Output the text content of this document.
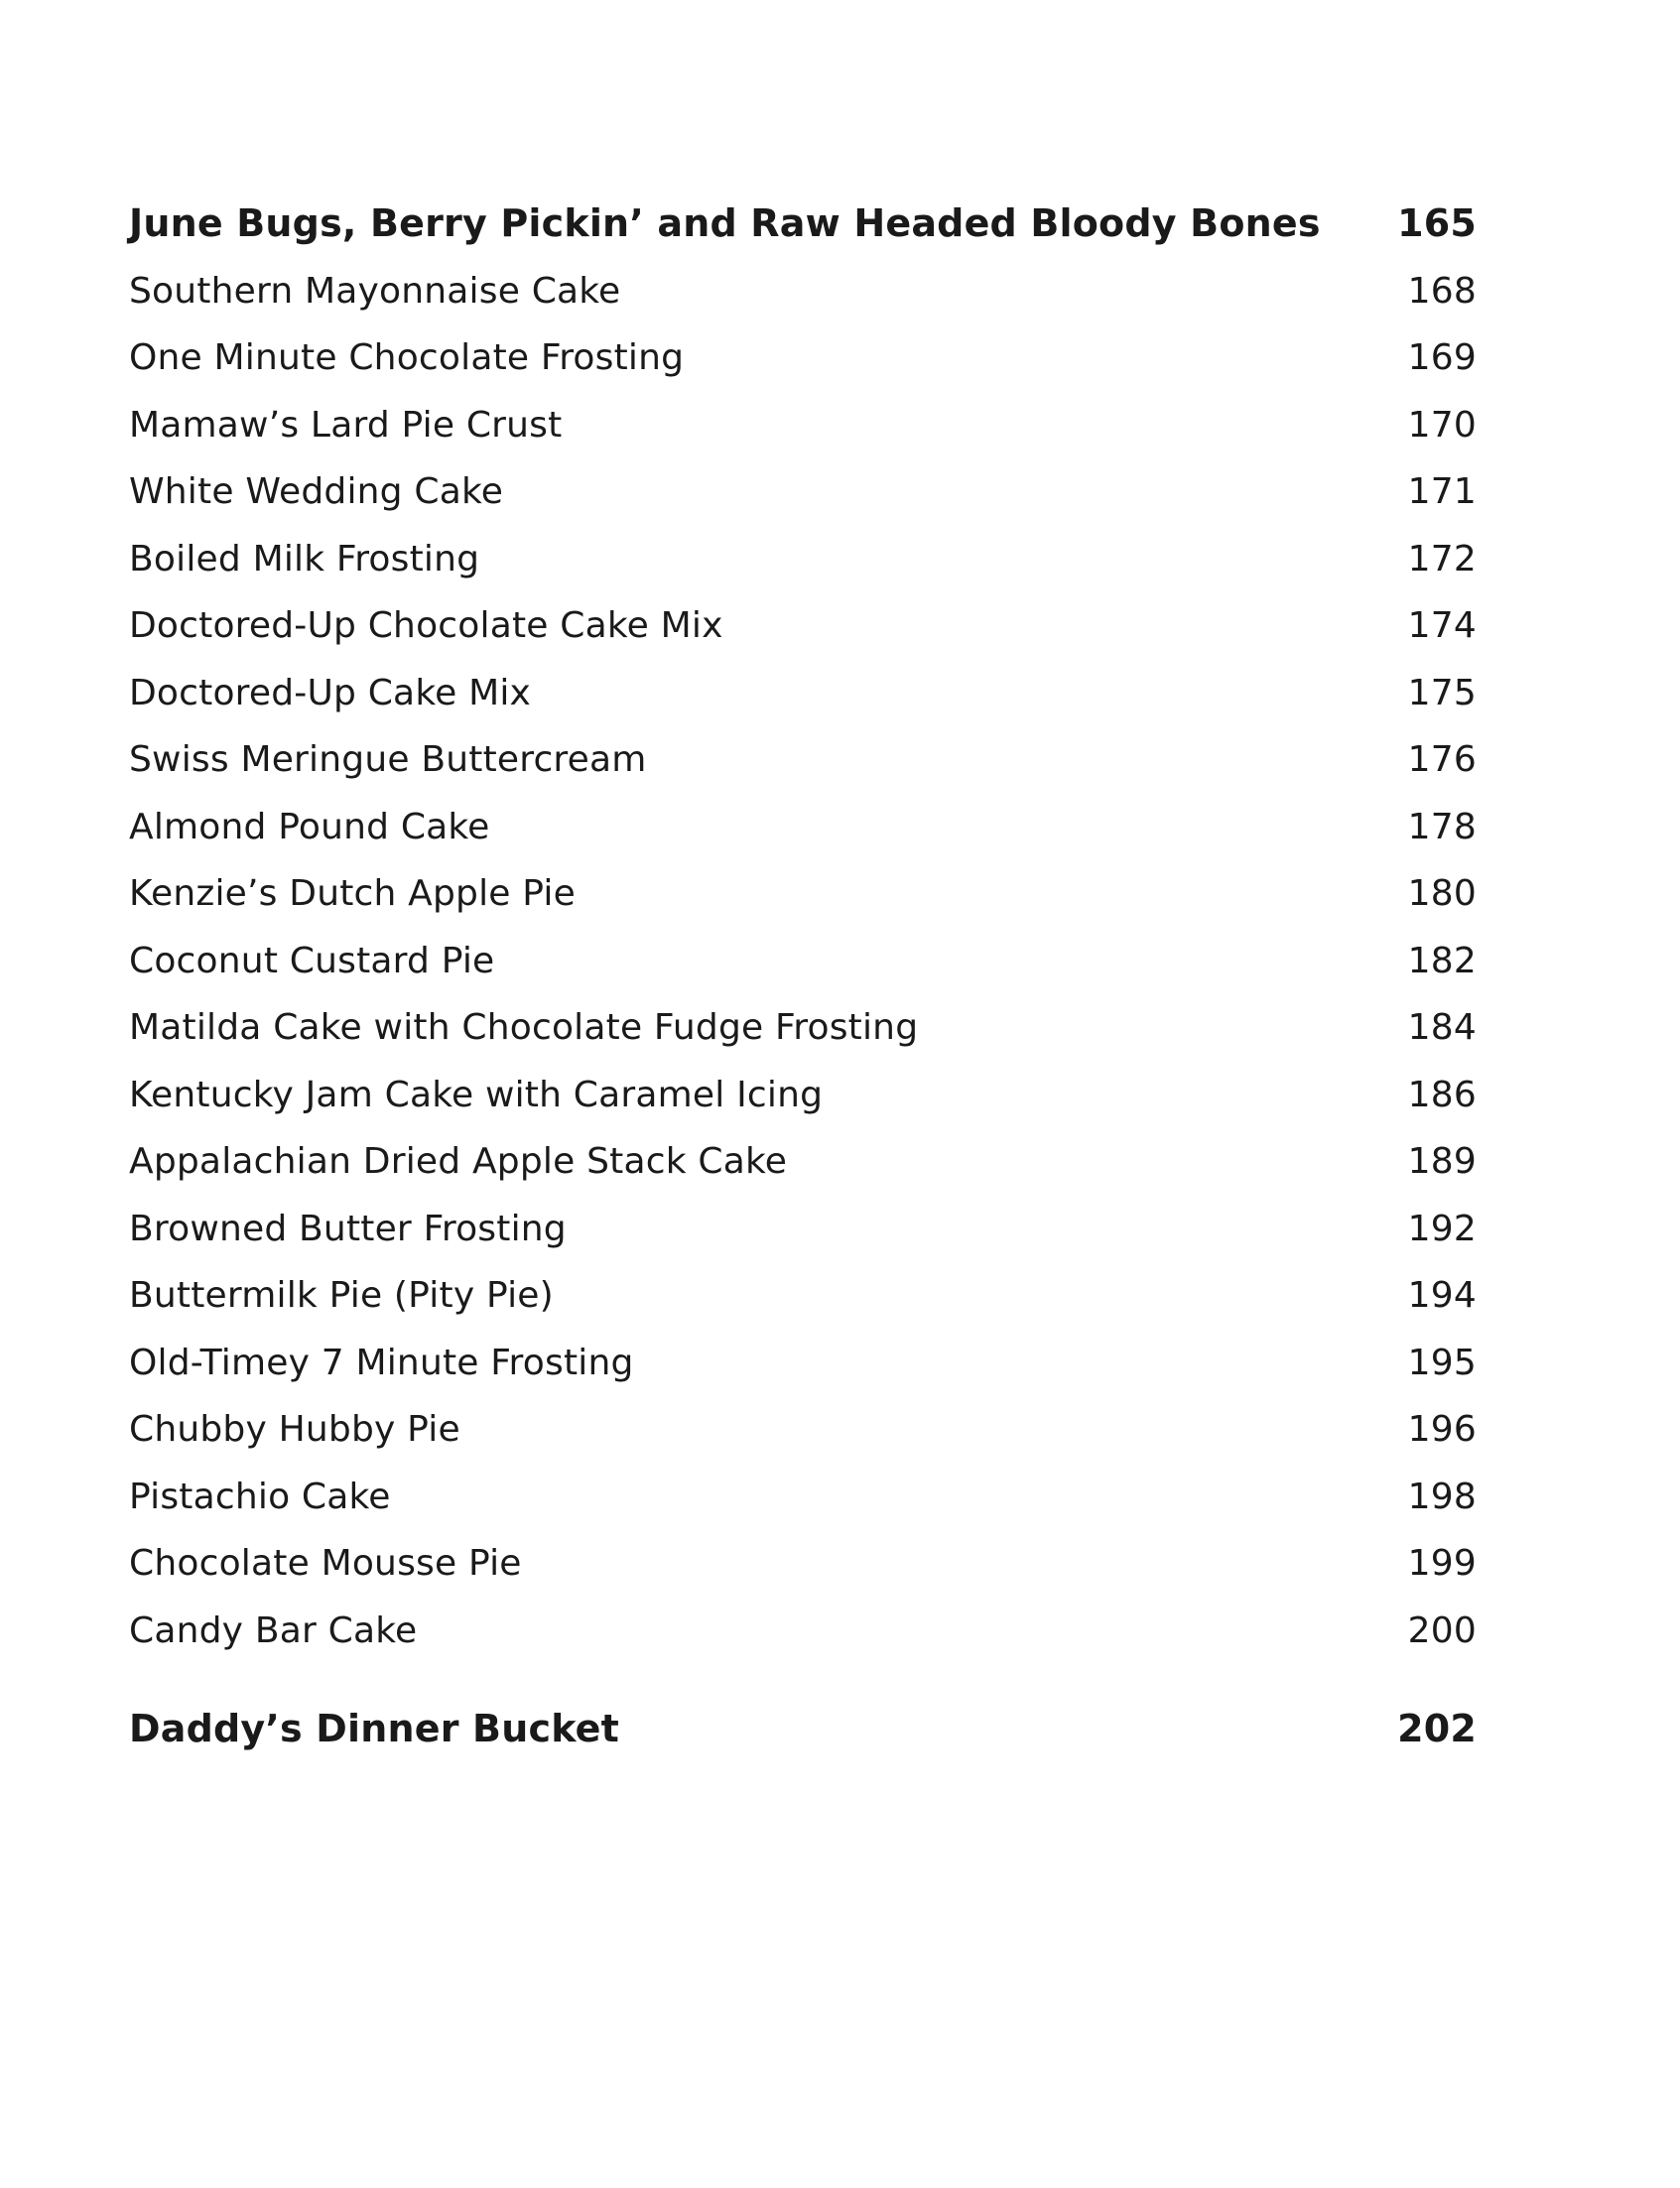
June Bugs, Berry Pickin’ and Raw Headed Bloody Bones 165
Southern Mayonnaise Cake	168
One Minute Chocolate Frosting	169
Mamaw’s Lard Pie Crust	170
White Wedding Cake	171
Boiled Milk Frosting	172
Doctored-Up Chocolate Cake Mix	174
Doctored-Up Cake Mix	175
Swiss Meringue Buttercream	176
Almond Pound Cake	178
Kenzie’s Dutch Apple Pie	180
Coconut Custard Pie	182
Matilda Cake with Chocolate Fudge Frosting	184
Kentucky Jam Cake with Caramel Icing	186
Appalachian Dried Apple Stack Cake	189
Browned Butter Frosting	192
Buttermilk Pie (Pity Pie)	194
Old-Timey 7 Minute Frosting	195
Chubby Hubby Pie	196
Pistachio Cake	198
Chocolate Mousse Pie	199
Candy Bar Cake	200
Daddy’s Dinner Bucket	202
